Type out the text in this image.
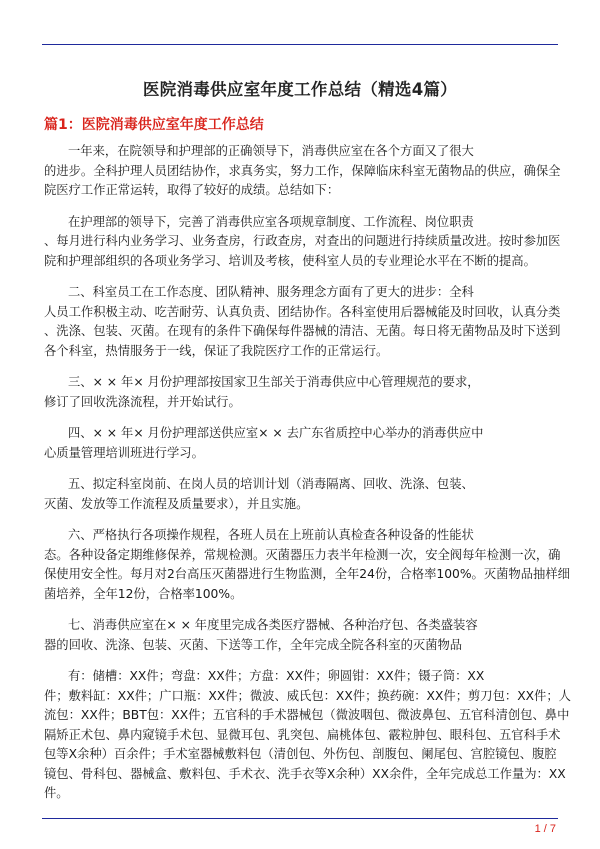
医院消毒供应室年度工作总结（精选4篇）
篇1：医院消毒供应室年度工作总结

一年来，在院领导和护理部的正确领导下，消毒供应室在各个方面又了很大
的进步。全科护理人员团结协作，求真务实，努力工作，保障临床科室无菌物品的供应，确保全
院医疗工作正常运转，取得了较好的成绩。总结如下：

在护理部的领导下，完善了消毒供应室各项规章制度、工作流程、岗位职责
、每月进行科内业务学习、业务查房，行政查房，对查出的问题进行持续质量改进。按时参加医
院和护理部组织的各项业务学习、培训及考核，使科室人员的专业理论水平在不断的提高。

二、科室员工在工作态度、团队精神、服务理念方面有了更大的进步：全科
人员工作积极主动、吃苦耐劳、认真负责、团结协作。各科室使用后器械能及时回收，认真分类
、洗涤、包装、灭菌。在现有的条件下确保每件器械的清洁、无菌。每日将无菌物品及时下送到
各个科室，热情服务于一线，保证了我院医疗工作的正常运行。

三、× × 年× 月份护理部按国家卫生部关于消毒供应中心管理规范的要求，
修订了回收洗涤流程，并开始试行。

四、× × 年× 月份护理部送供应室× × 去广东省质控中心举办的消毒供应中
心质量管理培训班进行学习。

五、拟定科室岗前、在岗人员的培训计划（消毒隔离、回收、洗涤、包装、
灭菌、发放等工作流程及质量要求），并且实施。

六、严格执行各项操作规程，各班人员在上班前认真检查各种设备的性能状
态。各种设备定期维修保养，常规检测。灭菌器压力表半年检测一次，安全阀每年检测一次，确
保使用安全性。每月对2台高压灭菌器进行生物监测，全年24份，合格率100%。灭菌物品抽样细
菌培养，全年12份，合格率100%。

七、消毒供应室在× × 年度里完成各类医疗器械、各种治疗包、各类盛装容
器的回收、洗涤、包装、灭菌、下送等工作，全年完成全院各科室的灭菌物品

有：储槽：XX件；弯盘：XX件；方盘：XX件；卵圆钳：XX件；镊子筒：XX
件；敷料缸：XX件；广口瓶：XX件；微波、威氏包：XX件；换药碗：XX件；剪刀包：XX件；人
流包：XX件；BBT包：XX件；五官科的手术器械包（微波咽包、微波鼻包、五官科清创包、鼻中
隔矫正术包、鼻内窥镜手术包、显微耳包、乳突包、扁桃体包、霰粒肿包、眼科包、五官科手术
包等X余种）百余件；手术室器械敷料包（清创包、外伤包、剖腹包、阑尾包、宫腔镜包、腹腔
镜包、骨科包、器械盒、敷料包、手术衣、洗手衣等X余种）XX余件，全年完成总工作量为：XX
件。

1 / 7
